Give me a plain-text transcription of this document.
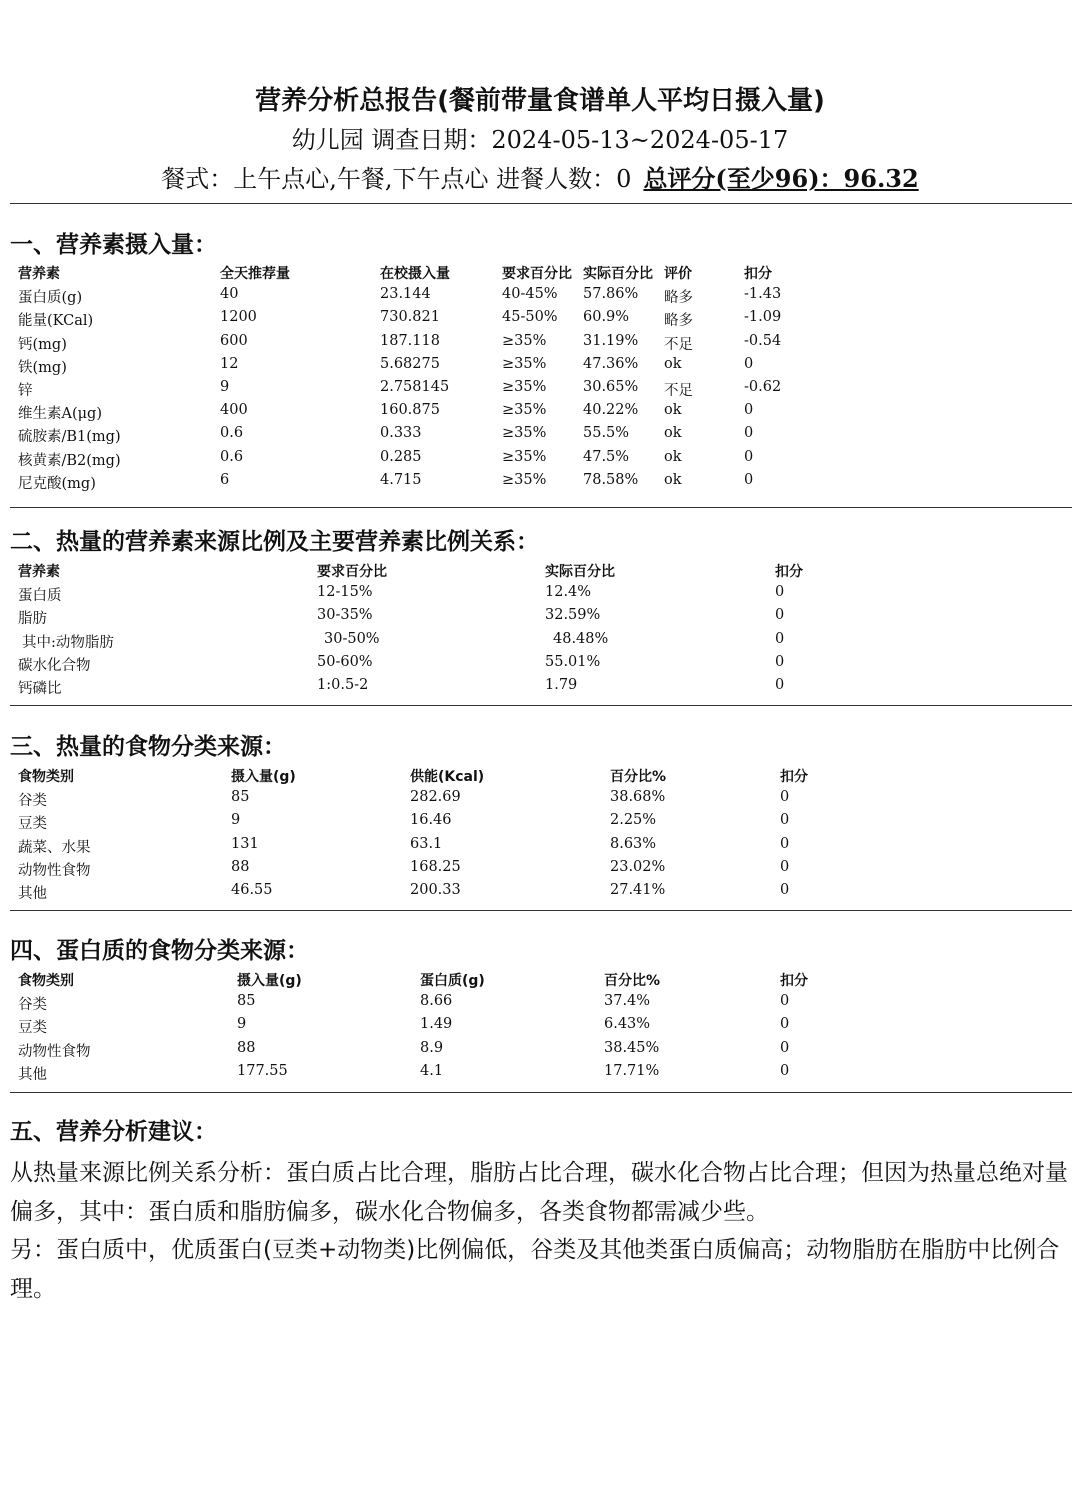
营养分析总报告(餐前带量食谱单人平均日摄入量)
幼儿园 调查日期：2024-05-13~2024-05-17
餐式：上午点心,午餐,下午点心 进餐人数：0 总评分(至少96)：96.32
一、营养素摄入量：
营养素	全天推荐量	在校摄入量	要求百分比 实际百分比 评价	扣分
蛋白质(g)	40	23.144	40-45% 57.86% 略多	-1.43
能量(KCal)	1200	730.821	45-50% 60.9% 略多	-1.09
钙(mg)	600	187.118	≥35%	31.19% 不足	-0.54
铁(mg)	12	5.68275	≥35%	47.36% ok	0
锌	9	2.758145	≥35%	30.65% 不足	-0.62
维生素A(μg)	400	160.875	≥35%	40.22% ok	0
硫胺素/B1(mg)	0.6	0.333	≥35%	55.5% ok	0
核黄素/B2(mg)	0.6	0.285	≥35%	47.5% ok	0
尼克酸(mg)	6	4.715	≥35%	78.58% ok	0
二、热量的营养素来源比例及主要营养素比例关系：
营养素	要求百分比	实际百分比	扣分
蛋白质	12-15%	12.4%	0
脂肪	30-35%	32.59%	0
其中:动物脂肪	30-50%	48.48%	0
碳水化合物	50-60%	55.01%	0
钙磷比	1:0.5-2	1.79	0
三、热量的食物分类来源：
食物类别	摄入量(g)	供能(Kcal)	百分比%	扣分
谷类	85	282.69	38.68%	0
豆类	9	16.46	2.25%	0
蔬菜、水果	131	63.1	8.63%	0
动物性食物	88	168.25	23.02%	0
其他	46.55	200.33	27.41%	0
四、蛋白质的食物分类来源：
食物类别	摄入量(g)	蛋白质(g)	百分比%	扣分
谷类	85	8.66	37.4%	0
豆类	9	1.49	6.43%	0
动物性食物	88	8.9	38.45%	0
其他	177.55	4.1	17.71%	0
五、营养分析建议：

从热量来源比例关系分析：蛋白质占比合理，脂肪占比合理，碳水化合物占比合理；但因为热量总绝对量偏多，其中：蛋白质和脂肪偏多，碳水化合物偏多，各类食物都需减少些。

另：蛋白质中，优质蛋白(豆类+动物类)比例偏低，谷类及其他类蛋白质偏高；动物脂肪在脂肪中比例合理。
